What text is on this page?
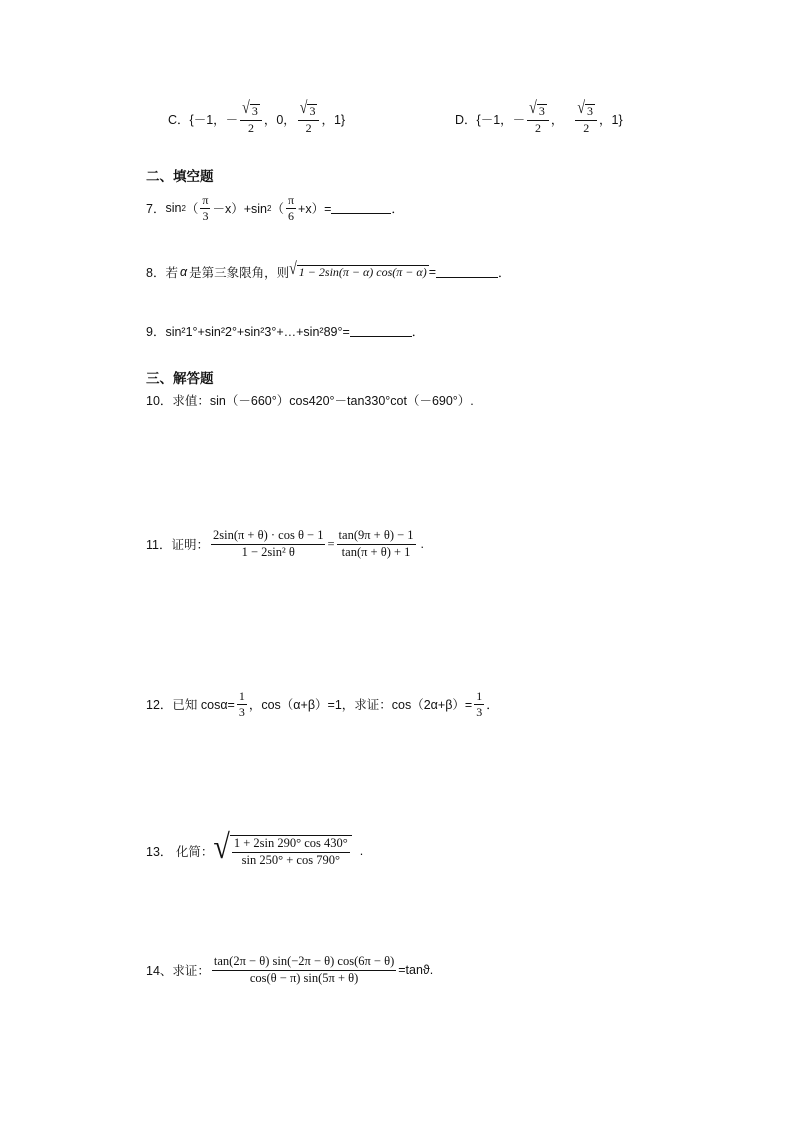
C．{－1，－ $\frac{√ 3}{2}$ ，0， $\frac{√ 3}{2}$ ，1}	D．{－1，－ $\frac{√ 3}{2}$ ， $\frac{√ 3}{2}$ ，1}
二、填空题
7． sin 2 （ $\frac{\pi}{3} -x)+\sin$ 2 （ $\frac{\pi}{6} +x)=$	．
8．若 α 是第三象限角，则 √ 1 − 2sin(π − α) cos(π − α) =	．
9．sin²1°+sin²2°+sin²3°+…+sin²89°=	．
三、解答题
10．求值：sin（－660°）cos420°－tan330°cot（－690°）.
11．证明： $\frac{\text{2sin(π + θ) · cos θ − 1}}{\text{1 − 2sin² θ}} = \frac{\tan(9\pi + \theta) - 1}{\tan(\pi + \theta) + 1}$ .
12．已知 $\cos\alpha= \frac{1}{3}$ ，cos（α+β）=1，求证：$\cos(2\alpha+\beta)= \frac{1}{3}$ ．
13． 化简： √ $\frac{1 + 2\sin 290^\circ \cos 430^\circ}{\sin 250^\circ + \cos 790^\circ}$ .
14、求证： $\frac{\tan(2\pi - \theta) \sin(-2\pi - \theta) \cos(6\pi - \theta)}{\cos(\theta - \pi) \sin(5\pi + \theta)} =\tan ϑ$.
